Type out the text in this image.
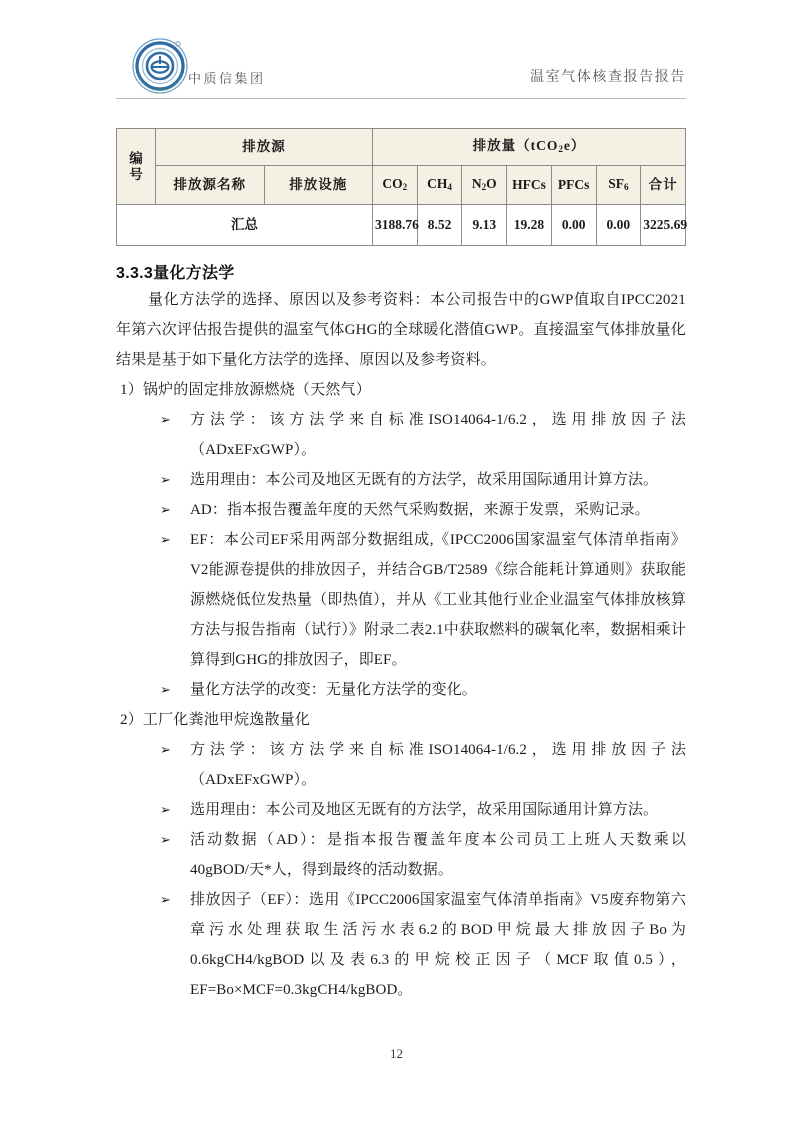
中质信集团	温室气体核查报告报告
编
号	排放源		排放量（tCO$_2$e）						
	排放源名称	排放设施	$CO_2$	$CH_4$	$N_2O$	HFCs	PFCs	$SF_6$	合计
汇总			3188.76	8.52	9.13	19.28	0.00	0.00	3225.69
3.3.3量化方法学

量化方法学的选择、原因以及参考资料：本公司报告中的GWP值取自IPCC2021年第六次评估报告提供的温室气体GHG的全球暖化潜值GWP。直接温室气体排放量化结果是基于如下量化方法学的选择、原因以及参考资料。

1）锅炉的固定排放源燃烧（天然气）

➢ 方法学：该方法学来自标准ISO14064-1/6.2，选用排放因子法（ADxEFxGWP）。

➢ 选用理由：本公司及地区无既有的方法学，故采用国际通用计算方法。

➢ AD：指本报告覆盖年度的天然气采购数据，来源于发票，采购记录。

➢ EF：本公司EF采用两部分数据组成,《IPCC2006国家温室气体清单指南》V2能源卷提供的排放因子，并结合GB/T2589《综合能耗计算通则》获取能源燃烧低位发热量（即热值），并从《工业其他行业企业温室气体排放核算方法与报告指南（试行）》附录二表2.1中获取燃料的碳氧化率，数据相乘计算得到GHG的排放因子，即EF。

➢ 量化方法学的改变：无量化方法学的变化。

2）工厂化粪池甲烷逸散量化

➢ 方法学：该方法学来自标准ISO14064-1/6.2，选用排放因子法（ADxEFxGWP）。

➢ 选用理由：本公司及地区无既有的方法学，故采用国际通用计算方法。

➢ 活动数据（AD）：是指本报告覆盖年度本公司员工上班人天数乘以40gBOD/天*人，得到最终的活动数据。

➢ 排放因子（EF）：选用《IPCC2006国家温室气体清单指南》V5废弃物第六章污水处理获取生活污水表6.2的BOD甲烷最大排放因子Bo为0.6kgCH4/kgBOD以及表6.3的甲烷校正因子（MCF取值0.5），EF=Bo×MCF=0.3kgCH4/kgBOD。

12
